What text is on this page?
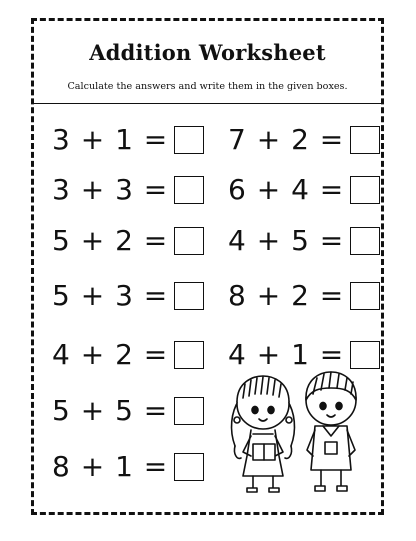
Addition Worksheet
Calculate the answers and write them in the given boxes.
3 + 1 =
3 + 3 =
5 + 2 =
5 + 3 =
4 + 2 =
5 + 5 =
8 + 1 =
7 + 2 =
6 + 4 =
4 + 5 =
8 + 2 =
4 + 1 =
